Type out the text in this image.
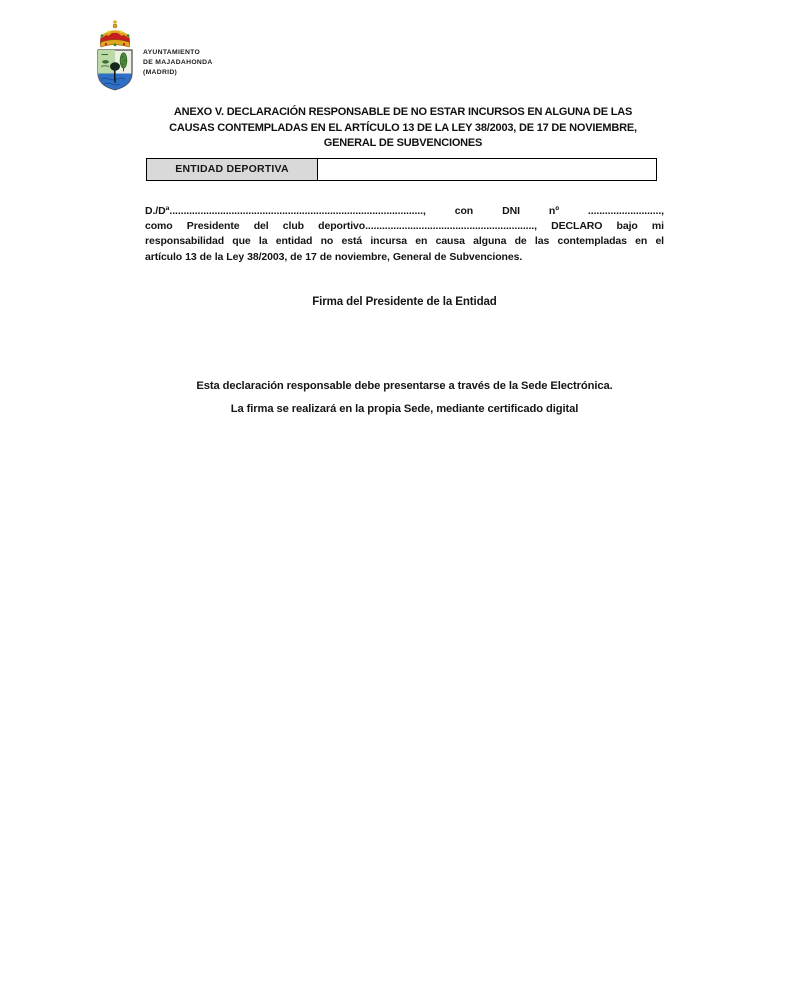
AYUNTAMIENTO
DE MAJADAHONDA
(MADRID)
ANEXO V. DECLARACIÓN RESPONSABLE DE NO ESTAR INCURSOS EN ALGUNA DE LAS
CAUSAS CONTEMPLADAS EN EL ARTÍCULO 13 DE LA LEY 38/2003, DE 17 DE NOVIEMBRE,
GENERAL DE SUBVENCIONES
ENTIDAD DEPORTIVA
D./Dª.........................................................................................., con DNI nº ..........................,
como Presidente del club deportivo............................................................, DECLARO bajo mi
responsabilidad que la entidad no está incursa en causa alguna de las contempladas en el
artículo 13 de la Ley 38/2003, de 17 de noviembre, General de Subvenciones.
Firma del Presidente de la Entidad
Esta declaración responsable debe presentarse a través de la Sede Electrónica.
La firma se realizará en la propia Sede, mediante certificado digital
